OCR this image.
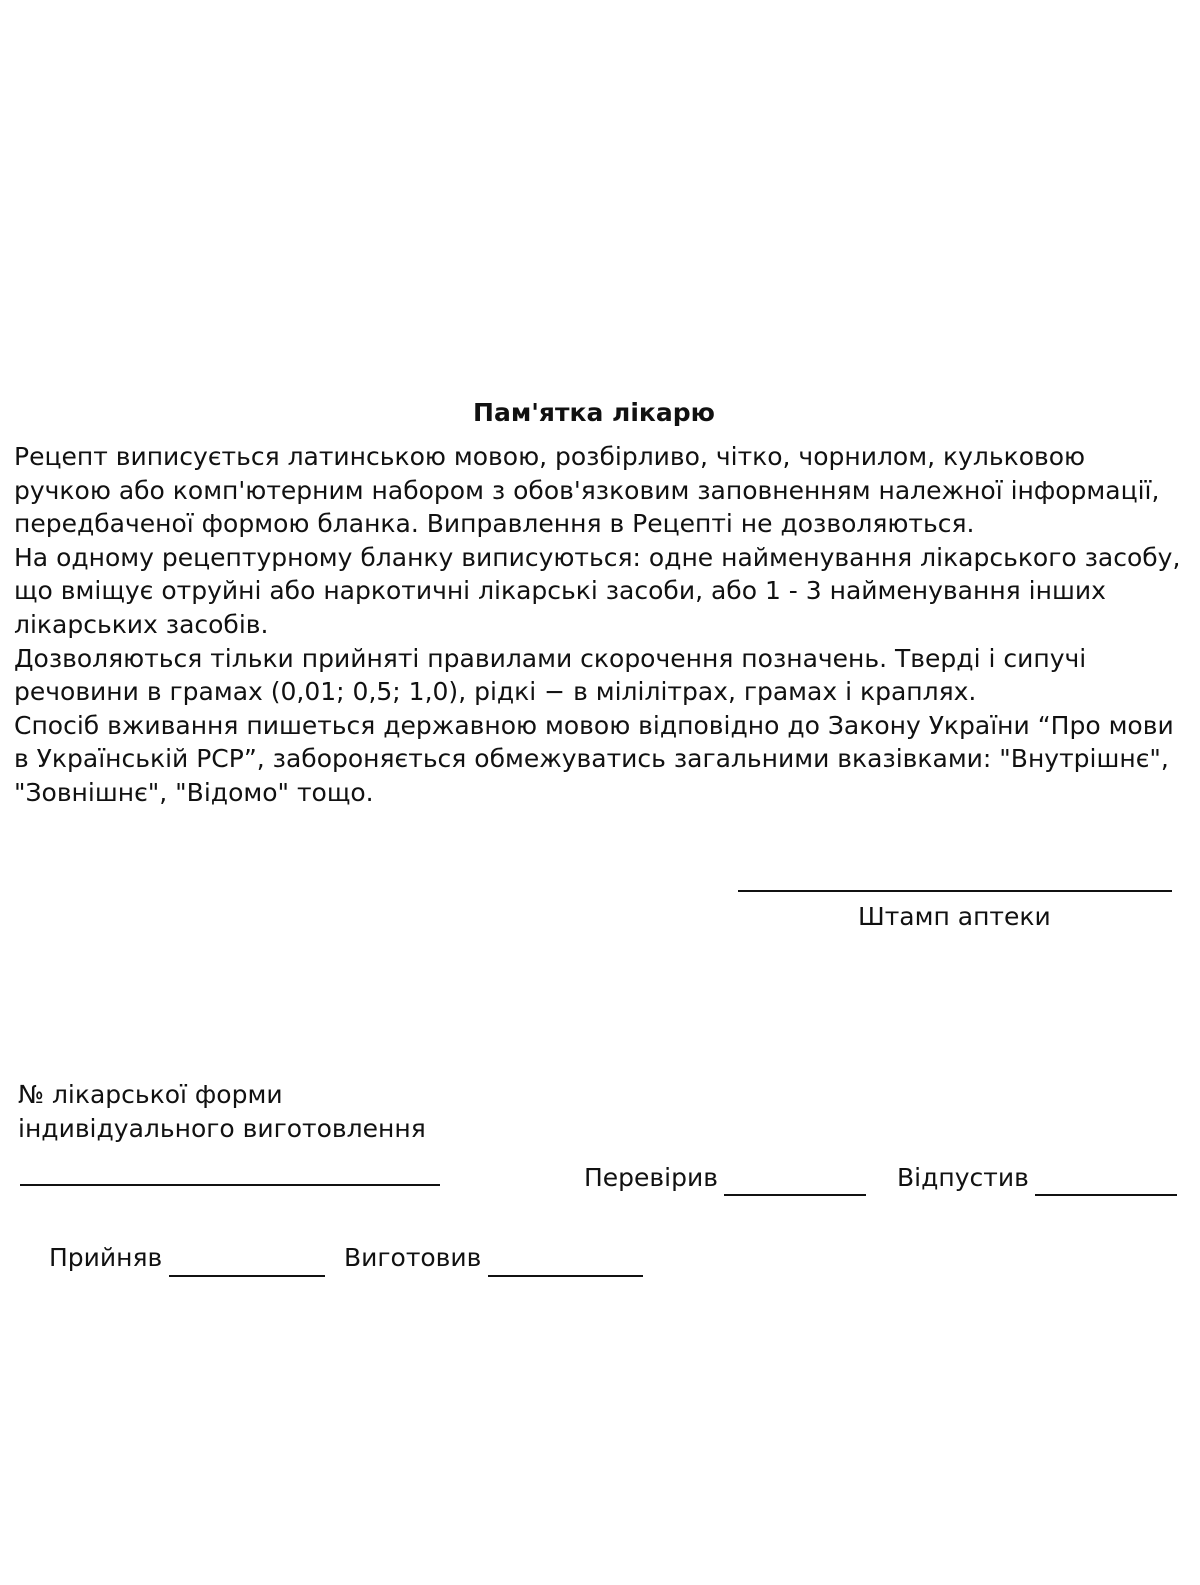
Пам'ятка лікарю

Рецепт виписується латинською мовою, розбірливо, чітко, чорнилом, кульковою ручкою або комп'ютерним набором з обов'язковим заповненням належної інформації, передбаченої формою бланка. Виправлення в Рецепті не дозволяються.

На одному рецептурному бланку виписуються: одне найменування лікарського засобу, що вміщує отруйні або наркотичні лікарські засоби, або 1 - 3 найменування інших лікарських засобів.

Дозволяються тільки прийняті правилами скорочення позначень. Тверді і сипучі речовини в грамах (0,01; 0,5; 1,0), рідкі − в мілілітрах, грамах і краплях.

Спосіб вживання пишеться державною мовою відповідно до Закону України “Про мови в Українській РСР”, забороняється обмежуватись загальними вказівками: "Внутрішнє", "Зовнішнє", "Відомо" тощо.

Штамп аптеки
№ лікарської форми
індивідуального виготовлення
Перевірив	Відпустив
Прийняв	Виготовив
